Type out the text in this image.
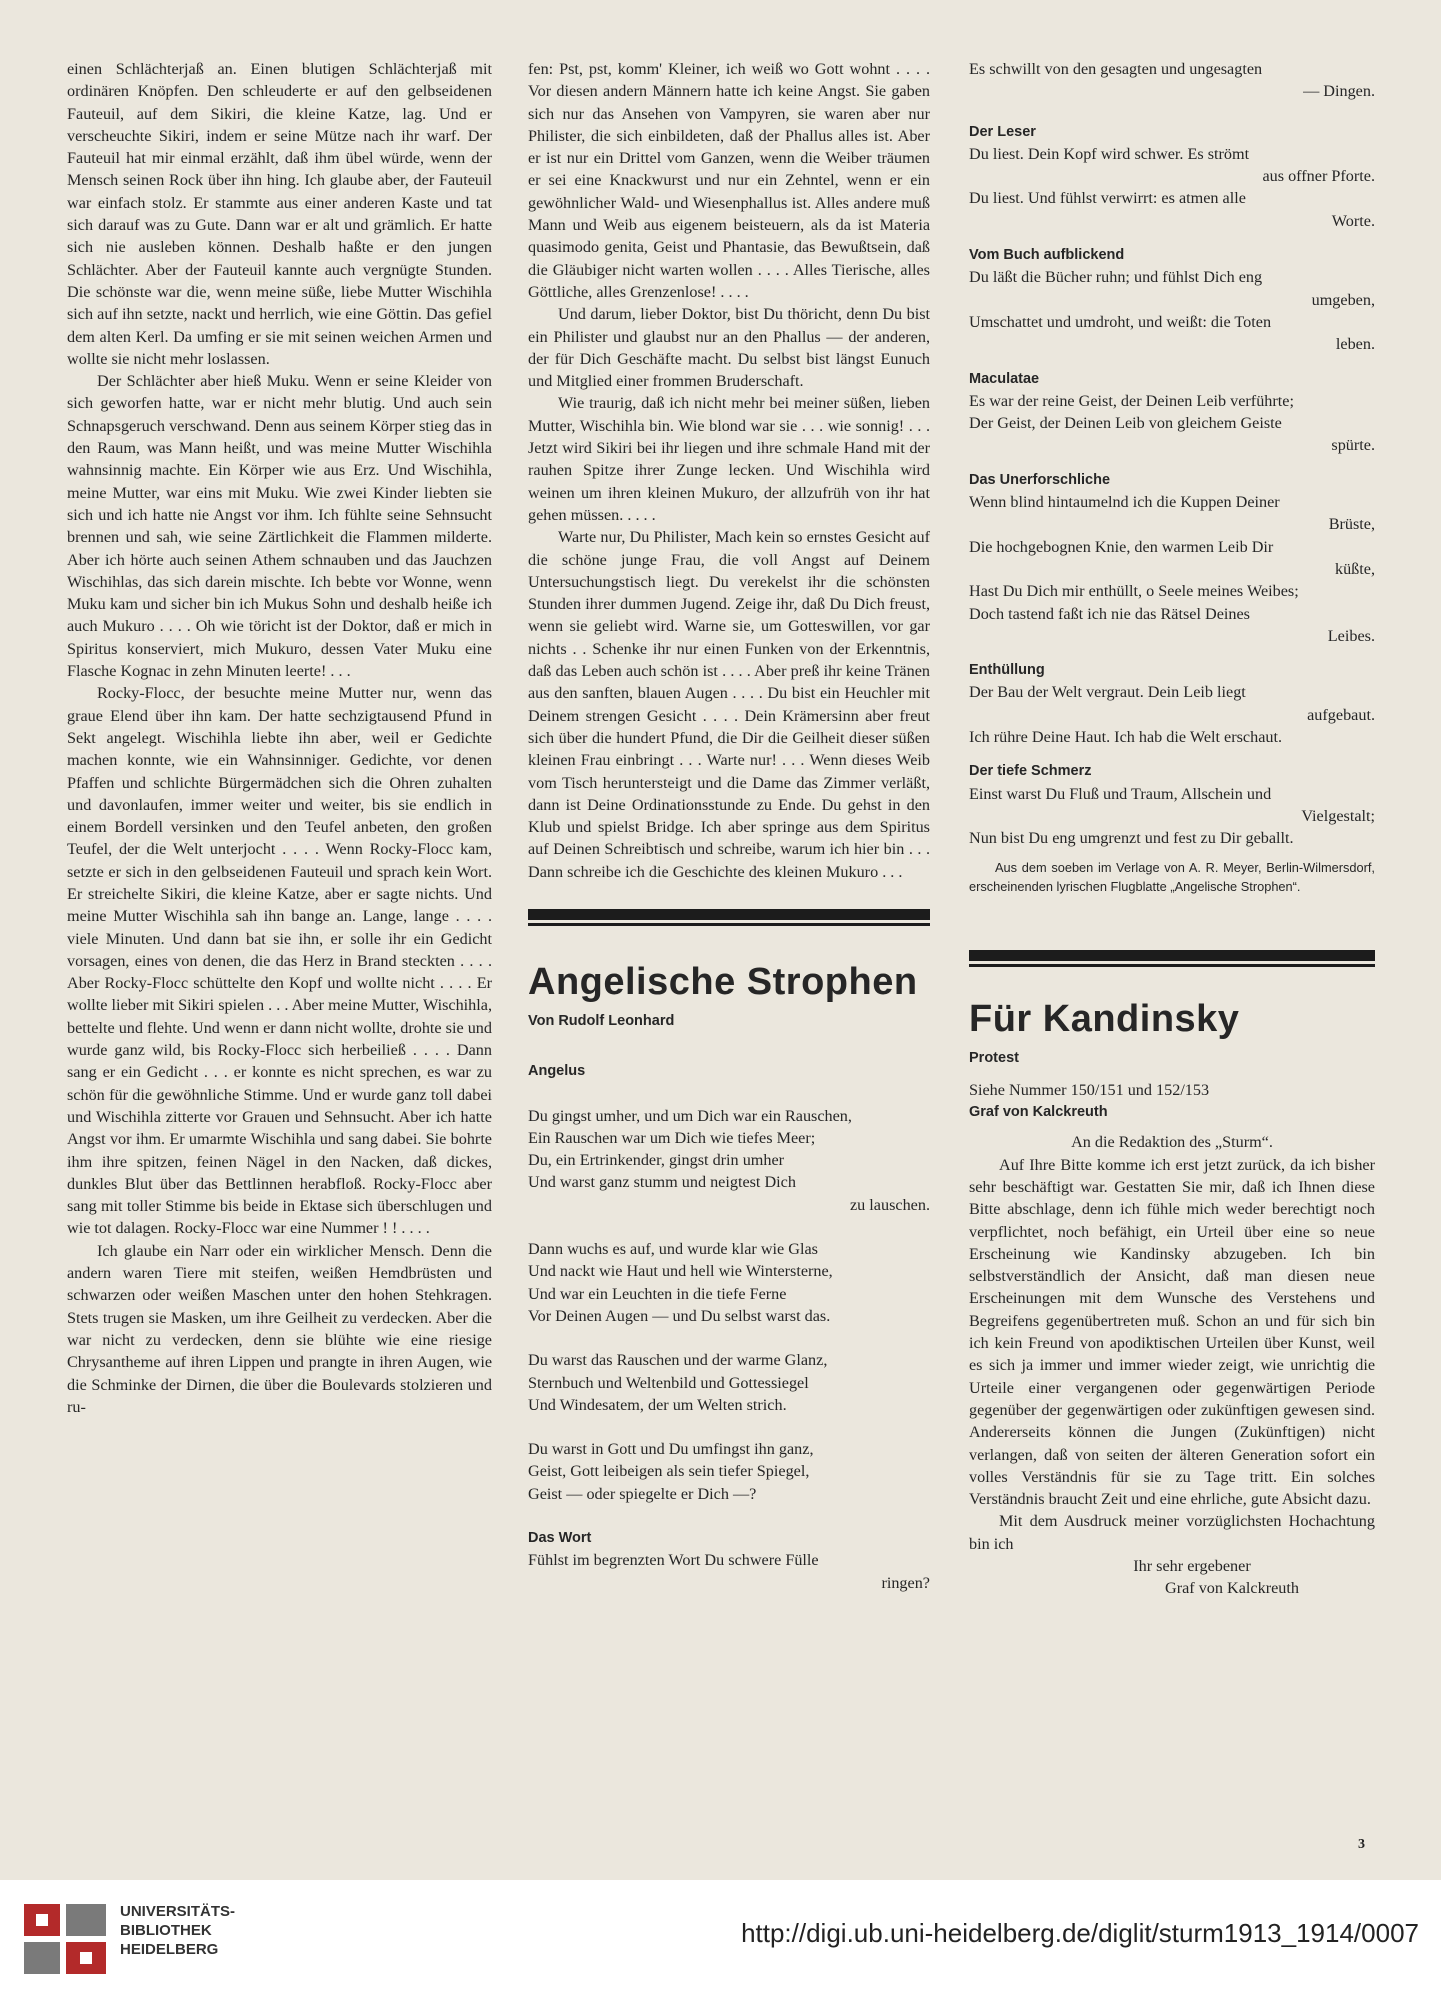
einen Schlächterjaß an. Einen blutigen Schlächterjaß mit ordinären Knöpfen. Den schleuderte er auf den gelbseidenen Fauteuil, auf dem Sikiri, die kleine Katze, lag. Und er verscheuchte Sikiri, indem er seine Mütze nach ihr warf. Der Fauteuil hat mir einmal erzählt, daß ihm übel würde, wenn der Mensch seinen Rock über ihn hing. Ich glaube aber, der Fauteuil war einfach stolz. Er stammte aus einer anderen Kaste und tat sich darauf was zu Gute. Dann war er alt und grämlich. Er hatte sich nie ausleben können. Deshalb haßte er den jungen Schlächter. Aber der Fauteuil kannte auch vergnügte Stunden. Die schönste war die, wenn meine süße, liebe Mutter Wischihla sich auf ihn setzte, nackt und herrlich, wie eine Göttin. Das gefiel dem alten Kerl. Da umfing er sie mit seinen weichen Armen und wollte sie nicht mehr loslassen.

Der Schlächter aber hieß Muku. Wenn er seine Kleider von sich geworfen hatte, war er nicht mehr blutig. Und auch sein Schnapsgeruch verschwand. Denn aus seinem Körper stieg das in den Raum, was Mann heißt, und was meine Mutter Wischihla wahnsinnig machte. Ein Körper wie aus Erz. Und Wischihla, meine Mutter, war eins mit Muku. Wie zwei Kinder liebten sie sich und ich hatte nie Angst vor ihm. Ich fühlte seine Sehnsucht brennen und sah, wie seine Zärtlichkeit die Flammen milderte. Aber ich hörte auch seinen Athem schnauben und das Jauchzen Wischihlas, das sich darein mischte. Ich bebte vor Wonne, wenn Muku kam und sicher bin ich Mukus Sohn und deshalb heiße ich auch Mukuro . . . . Oh wie töricht ist der Doktor, daß er mich in Spiritus konserviert, mich Mukuro, dessen Vater Muku eine Flasche Kognac in zehn Minuten leerte! . . .

Rocky-Flocc, der besuchte meine Mutter nur, wenn das graue Elend über ihn kam. Der hatte sechzigtausend Pfund in Sekt angelegt. Wischihla liebte ihn aber, weil er Gedichte machen konnte, wie ein Wahnsinniger. Gedichte, vor denen Pfaffen und schlichte Bürgermädchen sich die Ohren zuhalten und davonlaufen, immer weiter und weiter, bis sie endlich in einem Bordell versinken und den Teufel anbeten, den großen Teufel, der die Welt unterjocht . . . . Wenn Rocky-Flocc kam, setzte er sich in den gelbseidenen Fauteuil und sprach kein Wort. Er streichelte Sikiri, die kleine Katze, aber er sagte nichts. Und meine Mutter Wischihla sah ihn bange an. Lange, lange . . . . viele Minuten. Und dann bat sie ihn, er solle ihr ein Gedicht vorsagen, eines von denen, die das Herz in Brand steckten . . . . Aber Rocky-Flocc schüttelte den Kopf und wollte nicht . . . . Er wollte lieber mit Sikiri spielen . . . Aber meine Mutter, Wischihla, bettelte und flehte. Und wenn er dann nicht wollte, drohte sie und wurde ganz wild, bis Rocky-Flocc sich herbeiließ . . . . Dann sang er ein Gedicht . . . er konnte es nicht sprechen, es war zu schön für die gewöhnliche Stimme. Und er wurde ganz toll dabei und Wischihla zitterte vor Grauen und Sehnsucht. Aber ich hatte Angst vor ihm. Er umarmte Wischihla und sang dabei. Sie bohrte ihm ihre spitzen, feinen Nägel in den Nacken, daß dickes, dunkles Blut über das Bettlinnen herabfloß. Rocky-Flocc aber sang mit toller Stimme bis beide in Ektase sich überschlugen und wie tot dalagen. Rocky-Flocc war eine Nummer ! ! . . . .

Ich glaube ein Narr oder ein wirklicher Mensch. Denn die andern waren Tiere mit steifen, weißen Hemdbrüsten und schwarzen oder weißen Maschen unter den hohen Stehkragen. Stets trugen sie Masken, um ihre Geilheit zu verdecken. Aber die war nicht zu verdecken, denn sie blühte wie eine riesige Chrysantheme auf ihren Lippen und prangte in ihren Augen, wie die Schminke der Dirnen, die über die Boulevards stolzieren und ru-

fen: Pst, pst, komm' Kleiner, ich weiß wo Gott wohnt . . . . Vor diesen andern Männern hatte ich keine Angst. Sie gaben sich nur das Ansehen von Vampyren, sie waren aber nur Philister, die sich einbildeten, daß der Phallus alles ist. Aber er ist nur ein Drittel vom Ganzen, wenn die Weiber träumen er sei eine Knackwurst und nur ein Zehntel, wenn er ein gewöhnlicher Wald- und Wiesenphallus ist. Alles andere muß Mann und Weib aus eigenem beisteuern, als da ist Materia quasimodo genita, Geist und Phantasie, das Bewußtsein, daß die Gläubiger nicht warten wollen . . . . Alles Tierische, alles Göttliche, alles Grenzenlose! . . . .

Und darum, lieber Doktor, bist Du thöricht, denn Du bist ein Philister und glaubst nur an den Phallus — der anderen, der für Dich Geschäfte macht. Du selbst bist längst Eunuch und Mitglied einer frommen Bruderschaft.

Wie traurig, daß ich nicht mehr bei meiner süßen, lieben Mutter, Wischihla bin. Wie blond war sie . . . wie sonnig! . . . Jetzt wird Sikiri bei ihr liegen und ihre schmale Hand mit der rauhen Spitze ihrer Zunge lecken. Und Wischihla wird weinen um ihren kleinen Mukuro, der allzufrüh von ihr hat gehen müssen. . . . .

Warte nur, Du Philister, Mach kein so ernstes Gesicht auf die schöne junge Frau, die voll Angst auf Deinem Untersuchungstisch liegt. Du verekelst ihr die schönsten Stunden ihrer dummen Jugend. Zeige ihr, daß Du Dich freust, wenn sie geliebt wird. Warne sie, um Gotteswillen, vor gar nichts . . Schenke ihr nur einen Funken von der Erkenntnis, daß das Leben auch schön ist . . . . Aber preß ihr keine Tränen aus den sanften, blauen Augen . . . . Du bist ein Heuchler mit Deinem strengen Gesicht . . . . Dein Krämersinn aber freut sich über die hundert Pfund, die Dir die Geilheit dieser süßen kleinen Frau einbringt . . . Warte nur! . . . Wenn dieses Weib vom Tisch heruntersteigt und die Dame das Zimmer verläßt, dann ist Deine Ordinationsstunde zu Ende. Du gehst in den Klub und spielst Bridge. Ich aber springe aus dem Spiritus auf Deinen Schreibtisch und schreibe, warum ich hier bin . . . Dann schreibe ich die Geschichte des kleinen Mukuro . . .

Angelische Strophen

Von Rudolf Leonhard

Angelus

Du gingst umher, und um Dich war ein Rauschen,

Ein Rauschen war um Dich wie tiefes Meer;

Du, ein Ertrinkender, gingst drin umher

Und warst ganz stumm und neigtest Dich

zu lauschen.

Dann wuchs es auf, und wurde klar wie Glas

Und nackt wie Haut und hell wie Wintersterne,

Und war ein Leuchten in die tiefe Ferne

Vor Deinen Augen — und Du selbst warst das.

Du warst das Rauschen und der warme Glanz,

Sternbuch und Weltenbild und Gottessiegel

Und Windesatem, der um Welten strich.

Du warst in Gott und Du umfingst ihn ganz,

Geist, Gott leibeigen als sein tiefer Spiegel,

Geist — oder spiegelte er Dich —?

Das Wort

Fühlst im begrenzten Wort Du schwere Fülle

ringen?

Es schwillt von den gesagten und ungesagten

— Dingen.

Der Leser

Du liest. Dein Kopf wird schwer. Es strömt

aus offner Pforte.

Du liest. Und fühlst verwirrt: es atmen alle

Worte.

Vom Buch aufblickend

Du läßt die Bücher ruhn; und fühlst Dich eng

umgeben,

Umschattet und umdroht, und weißt: die Toten

leben.

Maculatae

Es war der reine Geist, der Deinen Leib verführte;

Der Geist, der Deinen Leib von gleichem Geiste

spürte.

Das Unerforschliche

Wenn blind hintaumelnd ich die Kuppen Deiner

Brüste,

Die hochgebognen Knie, den warmen Leib Dir

küßte,

Hast Du Dich mir enthüllt, o Seele meines Weibes;

Doch tastend faßt ich nie das Rätsel Deines

Leibes.

Enthüllung

Der Bau der Welt vergraut. Dein Leib liegt

aufgebaut.

Ich rühre Deine Haut. Ich hab die Welt erschaut.

Der tiefe Schmerz

Einst warst Du Fluß und Traum, Allschein und

Vielgestalt;

Nun bist Du eng umgrenzt und fest zu Dir geballt.

Aus dem soeben im Verlage von A. R. Meyer, Berlin-Wilmersdorf, erscheinenden lyrischen Flugblatte „Angelische Strophen“.

Für Kandinsky

Protest

Siehe Nummer 150/151 und 152/153

Graf von Kalckreuth

An die Redaktion des „Sturm“.

Auf Ihre Bitte komme ich erst jetzt zurück, da ich bisher sehr beschäftigt war. Gestatten Sie mir, daß ich Ihnen diese Bitte abschlage, denn ich fühle mich weder berechtigt noch verpflichtet, noch befähigt, ein Urteil über eine so neue Erscheinung wie Kandinsky abzugeben. Ich bin selbstverständlich der Ansicht, daß man diesen neue Erscheinungen mit dem Wunsche des Verstehens und Begreifens gegenübertreten muß. Schon an und für sich bin ich kein Freund von apodiktischen Urteilen über Kunst, weil es sich ja immer und immer wieder zeigt, wie unrichtig die Urteile einer vergangenen oder gegenwärtigen Periode gegenüber der gegenwärtigen oder zukünftigen gewesen sind. Andererseits können die Jungen (Zukünftigen) nicht verlangen, daß von seiten der älteren Generation sofort ein volles Verständnis für sie zu Tage tritt. Ein solches Verständnis braucht Zeit und eine ehrliche, gute Absicht dazu.

Mit dem Ausdruck meiner vorzüglichsten Hochachtung bin ich

Ihr sehr ergebener

Graf von Kalckreuth

3
UNIVERSITÄTS-
BIBLIOTHEK
HEIDELBERG
http://digi.ub.uni-heidelberg.de/diglit/sturm1913_1914/0007
